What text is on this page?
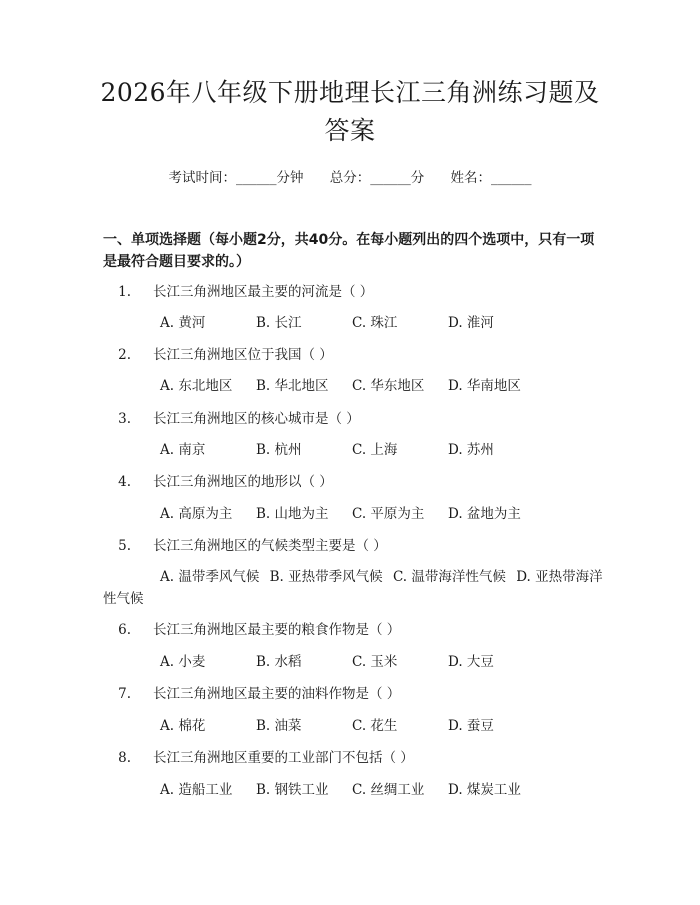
2026年八年级下册地理长江三角洲练习题及答案
考试时间：______分钟 总分：______分 姓名：______
一、单项选择题（每小题2分，共40分。在每小题列出的四个选项中，只有一项是最符合题目要求的。）
1. 长江三角洲地区最主要的河流是（ ）
A. 黄河	B. 长江	C. 珠江	D. 淮河
2. 长江三角洲地区位于我国（ ）
A. 东北地区 B. 华北地区 C. 华东地区 D. 华南地区
3. 长江三角洲地区的核心城市是（ ）
A. 南京	B. 杭州	C. 上海	D. 苏州
4. 长江三角洲地区的地形以（ ）
A. 高原为主 B. 山地为主 C. 平原为主 D. 盆地为主
5. 长江三角洲地区的气候类型主要是（ ）
A. 温带季风气候 B. 亚热带季风气候 C. 温带海洋性气候 D. 亚热带海洋性气候
6. 长江三角洲地区最主要的粮食作物是（ ）
A. 小麦	B. 水稻	C. 玉米	D. 大豆
7. 长江三角洲地区最主要的油料作物是（ ）
A. 棉花	B. 油菜	C. 花生	D. 蚕豆
8. 长江三角洲地区重要的工业部门不包括（ ）
A. 造船工业 B. 钢铁工业 C. 丝绸工业 D. 煤炭工业
